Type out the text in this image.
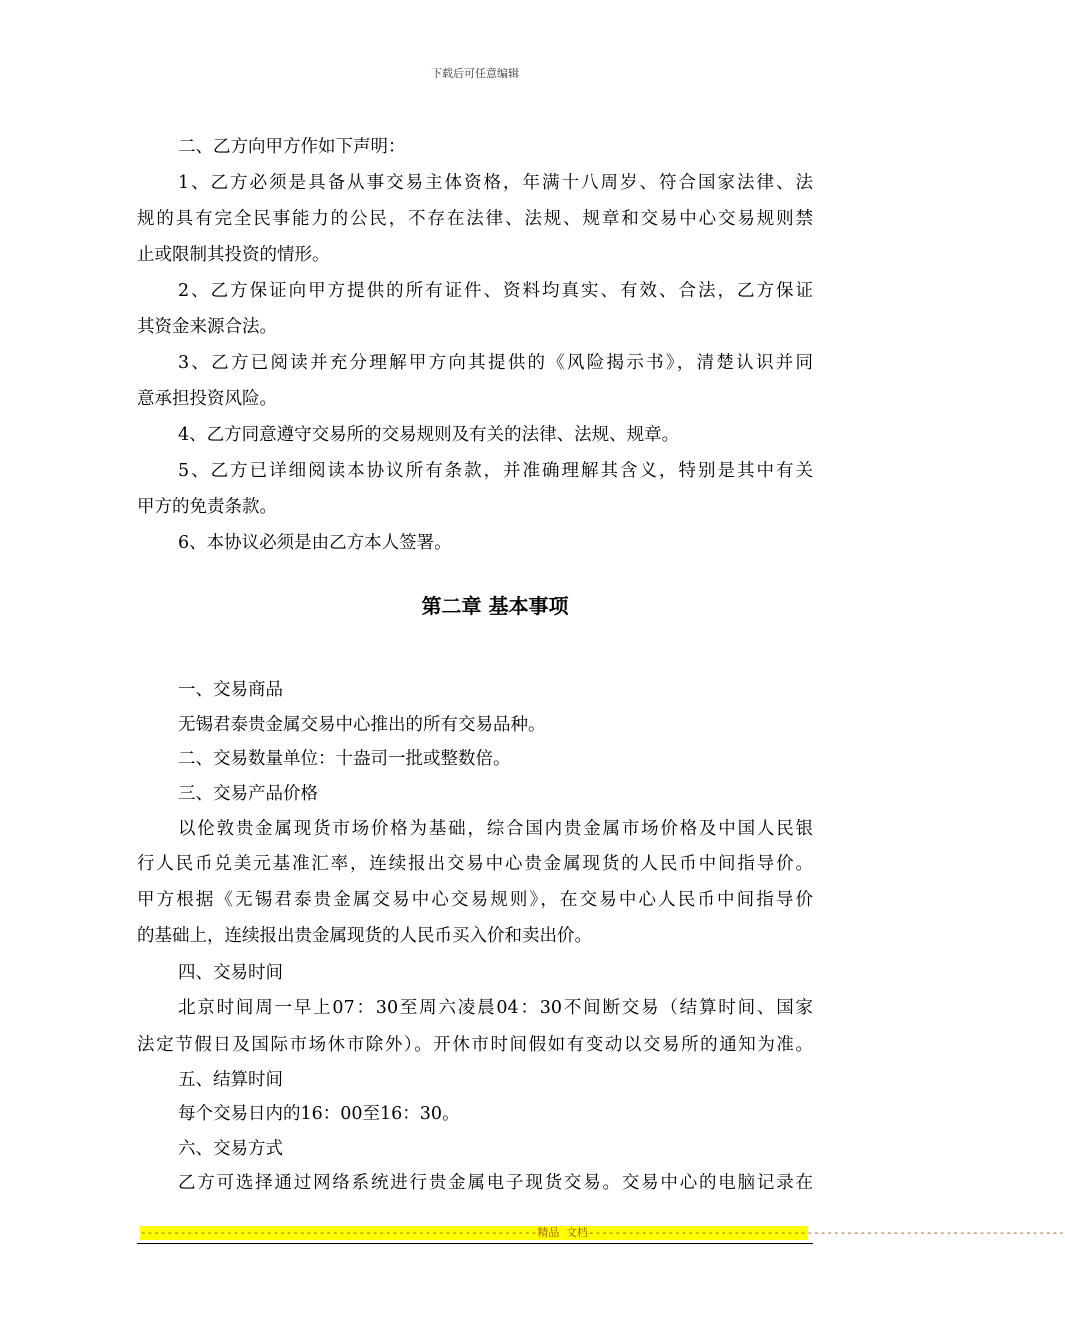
下载后可任意编辑
二、乙方向甲方作如下声明：
1、乙方必须是具备从事交易主体资格，年满十八周岁、符合国家法律、法
规的具有完全民事能力的公民，不存在法律、法规、规章和交易中心交易规则禁
止或限制其投资的情形。
2、乙方保证向甲方提供的所有证件、资料均真实、有效、合法，乙方保证
其资金来源合法。
3、乙方已阅读并充分理解甲方向其提供的《风险揭示书》，清楚认识并同
意承担投资风险。
4、乙方同意遵守交易所的交易规则及有关的法律、法规、规章。
5、乙方已详细阅读本协议所有条款，并准确理解其含义，特别是其中有关
甲方的免责条款。
6、本协议必须是由乙方本人签署。
第二章 基本事项
一、交易商品
无锡君泰贵金属交易中心推出的所有交易品种。
二、交易数量单位：十盎司一批或整数倍。
三、交易产品价格
以伦敦贵金属现货市场价格为基础，综合国内贵金属市场价格及中国人民银
行人民币兑美元基准汇率，连续报出交易中心贵金属现货的人民币中间指导价。
甲方根据《无锡君泰贵金属交易中心交易规则》，在交易中心人民币中间指导价
的基础上，连续报出贵金属现货的人民币买入价和卖出价。
四、交易时间
北京时间周一早上07：30至周六凌晨04：30不间断交易（结算时间、国家
法定节假日及国际市场休市除外）。开休市时间假如有变动以交易所的通知为准。
五、结算时间
每个交易日内的16：00至16：30。
六、交易方式
乙方可选择通过网络系统进行贵金属电子现货交易。交易中心的电脑记录在
------------------------------------------------------------精品 文档------------------------------------------------------------------------
